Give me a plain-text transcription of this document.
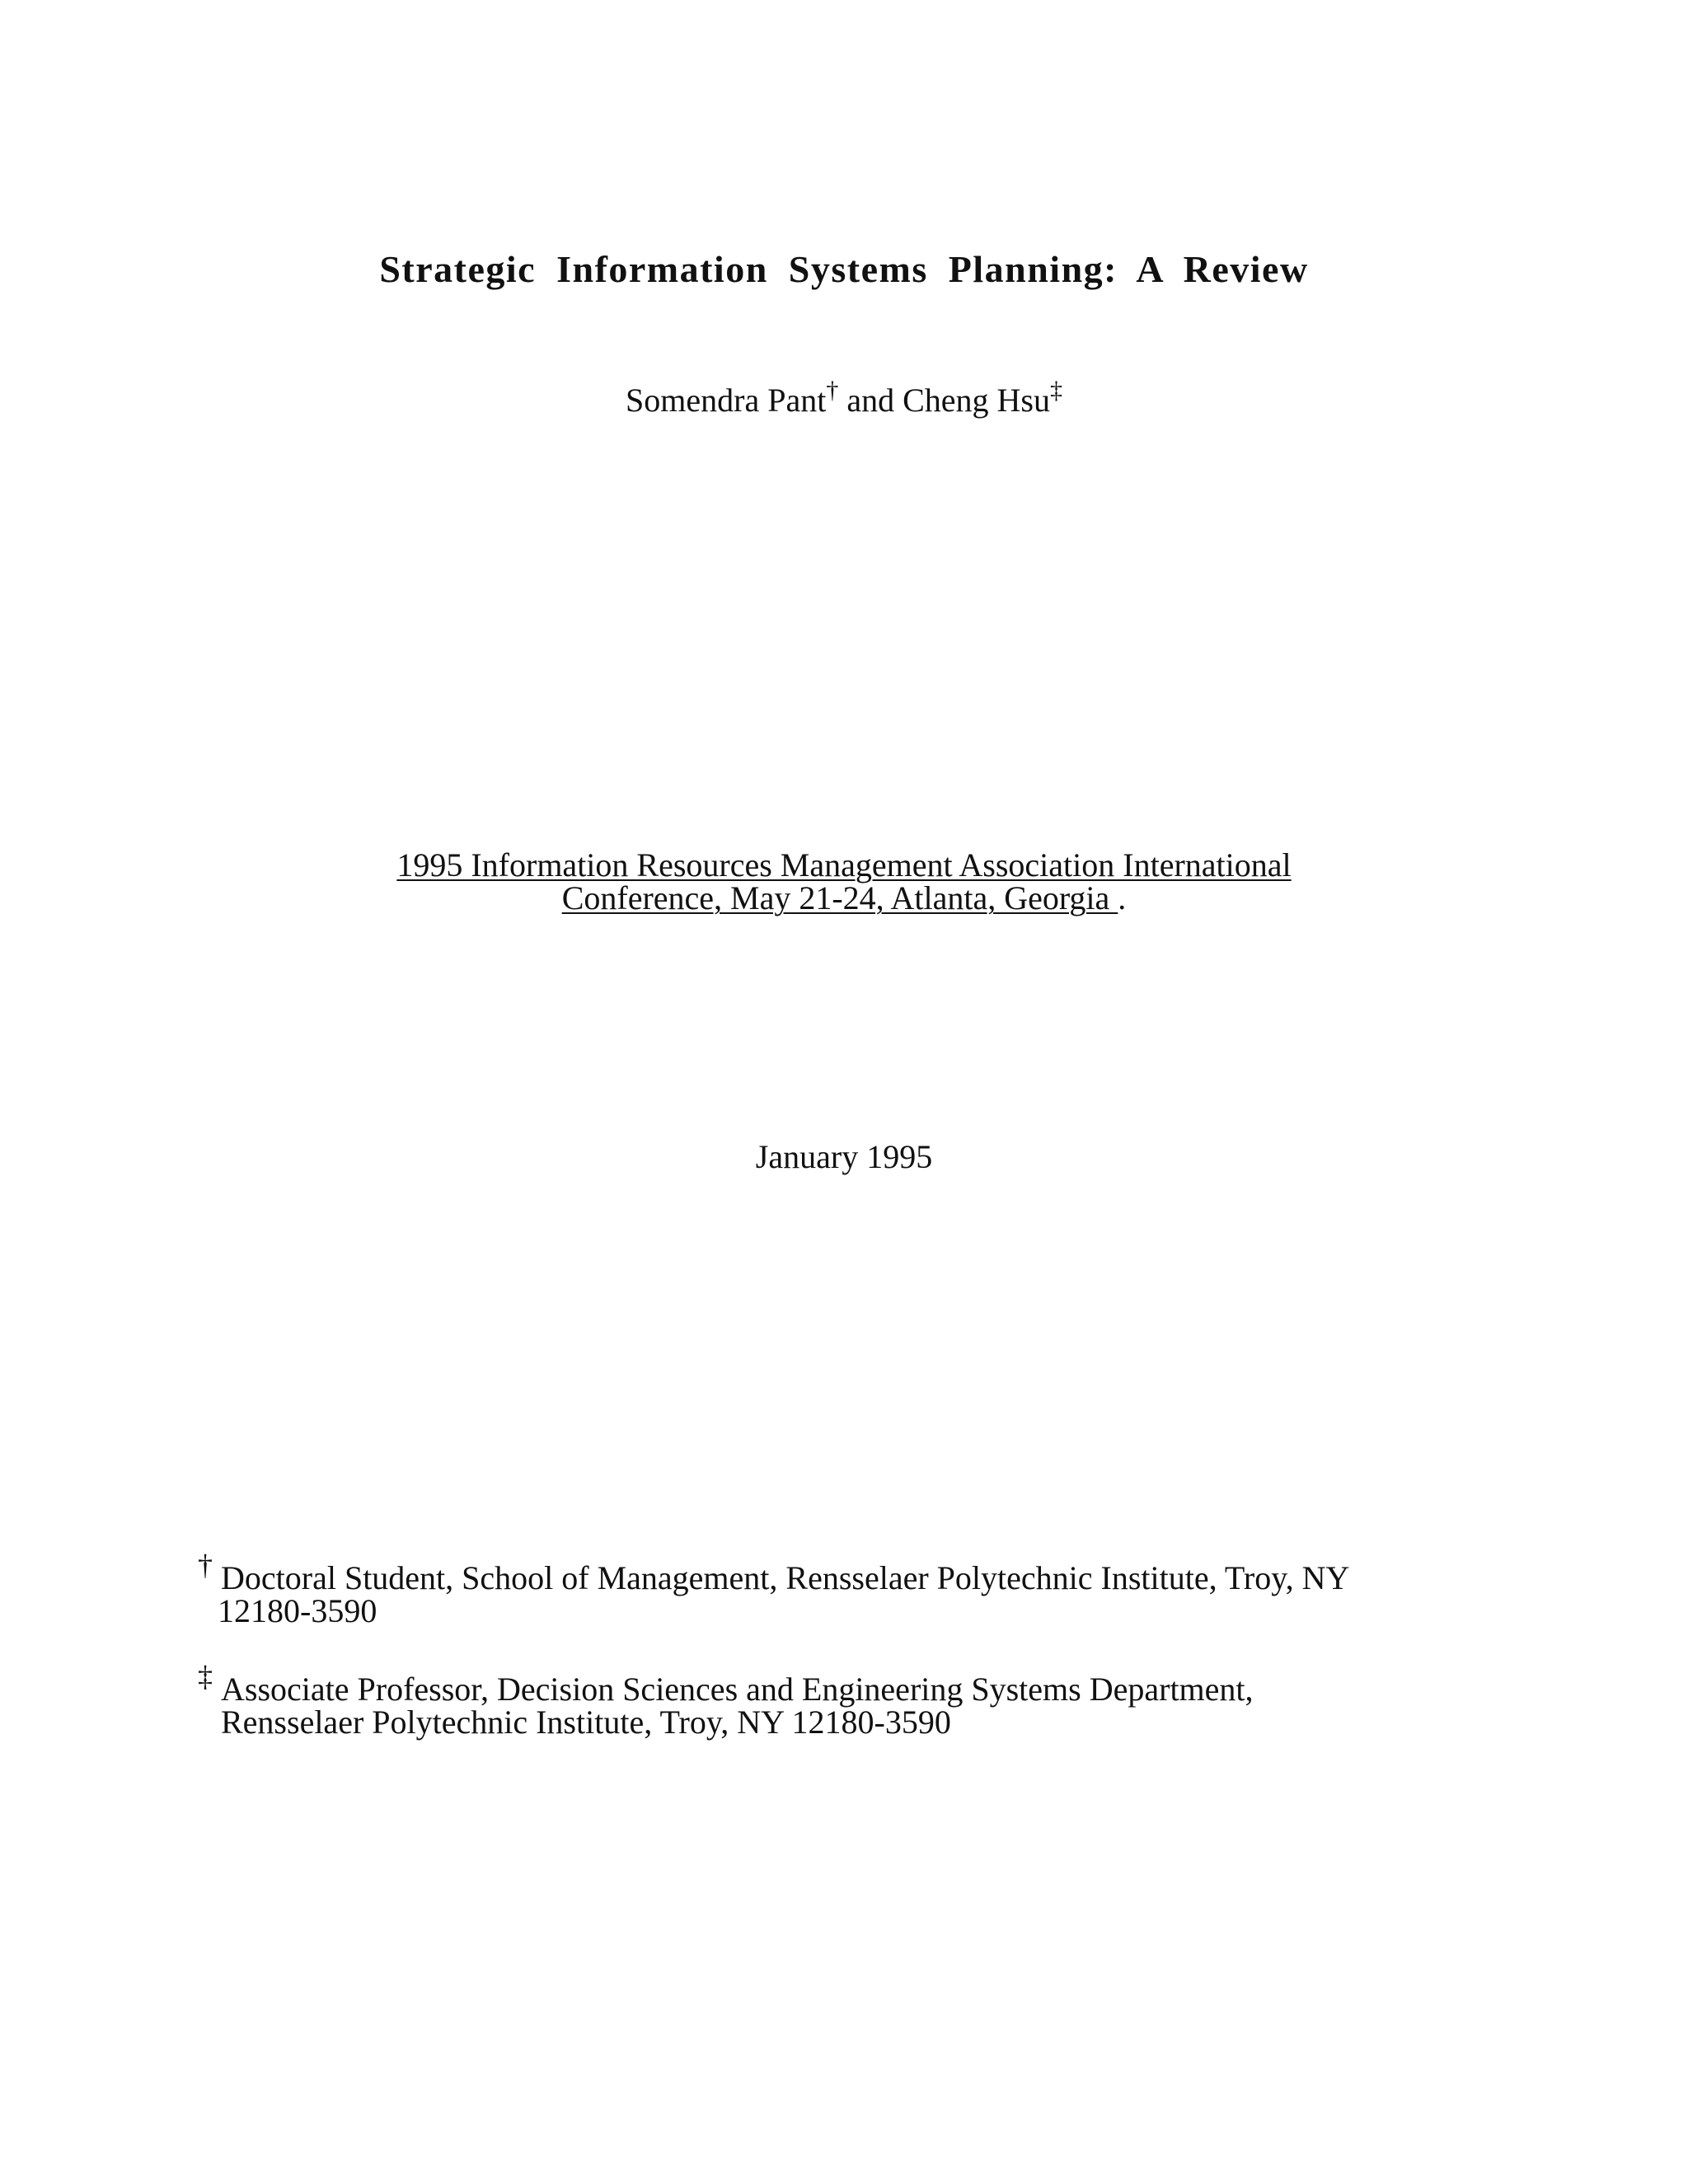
Strategic Information Systems Planning: A Review
Somendra Pant† and Cheng Hsu‡
1995 Information Resources Management Association International
Conference, May 21-24, Atlanta, Georgia .
January 1995
† Doctoral Student, School of Management, Rensselaer Polytechnic Institute, Troy, NY
12180-3590
‡ Associate Professor, Decision Sciences and Engineering Systems Department,
Rensselaer Polytechnic Institute, Troy, NY 12180-3590
